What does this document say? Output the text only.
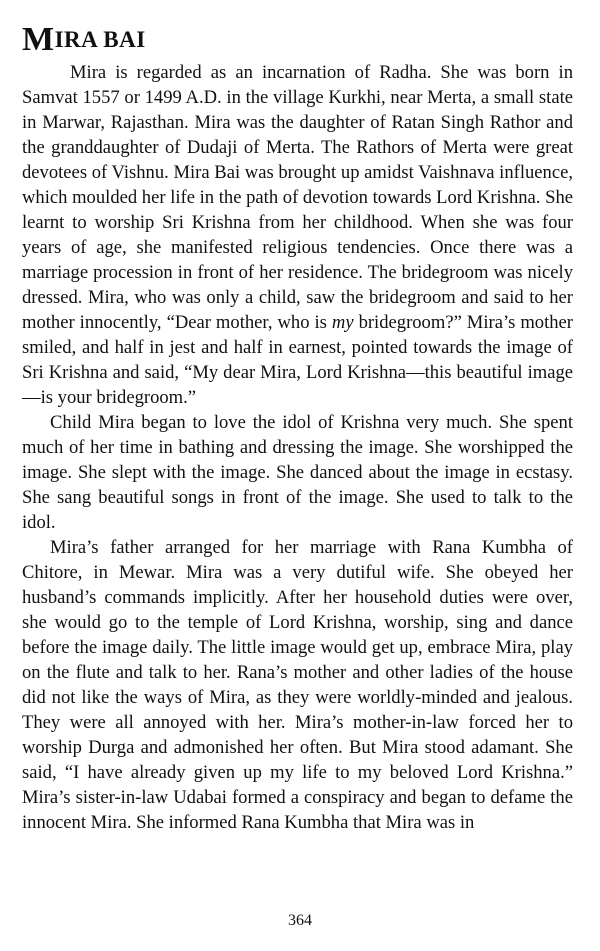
MIRA BAI

Mira is regarded as an incarnation of Radha. She was born in Samvat 1557 or 1499 A.D. in the village Kurkhi, near Merta, a small state in Marwar, Rajasthan. Mira was the daughter of Ratan Singh Rathor and the granddaughter of Dudaji of Merta. The Rathors of Merta were great devotees of Vishnu. Mira Bai was brought up amidst Vaishnava influence, which moulded her life in the path of devotion towards Lord Krishna. She learnt to worship Sri Krishna from her childhood. When she was four years of age, she manifested religious tendencies. Once there was a marriage procession in front of her residence. The bridegroom was nicely dressed. Mira, who was only a child, saw the bridegroom and said to her mother innocently, “Dear mother, who is my bridegroom?” Mira’s mother smiled, and half in jest and half in earnest, pointed towards the image of Sri Krishna and said, “My dear Mira, Lord Krishna—this beautiful image—is your bridegroom.”

Child Mira began to love the idol of Krishna very much. She spent much of her time in bathing and dressing the image. She worshipped the image. She slept with the image. She danced about the image in ecstasy. She sang beautiful songs in front of the image. She used to talk to the idol.

Mira’s father arranged for her marriage with Rana Kumbha of Chitore, in Mewar. Mira was a very dutiful wife. She obeyed her husband’s commands implicitly. After her household duties were over, she would go to the temple of Lord Krishna, worship, sing and dance before the image daily. The little image would get up, embrace Mira, play on the flute and talk to her. Rana’s mother and other ladies of the house did not like the ways of Mira, as they were worldly-minded and jealous. They were all annoyed with her. Mira’s mother-in-law forced her to worship Durga and admonished her often. But Mira stood adamant. She said, “I have already given up my life to my beloved Lord Krishna.” Mira’s sister-in-law Udabai formed a conspiracy and began to defame the innocent Mira. She informed Rana Kumbha that Mira was in

364
